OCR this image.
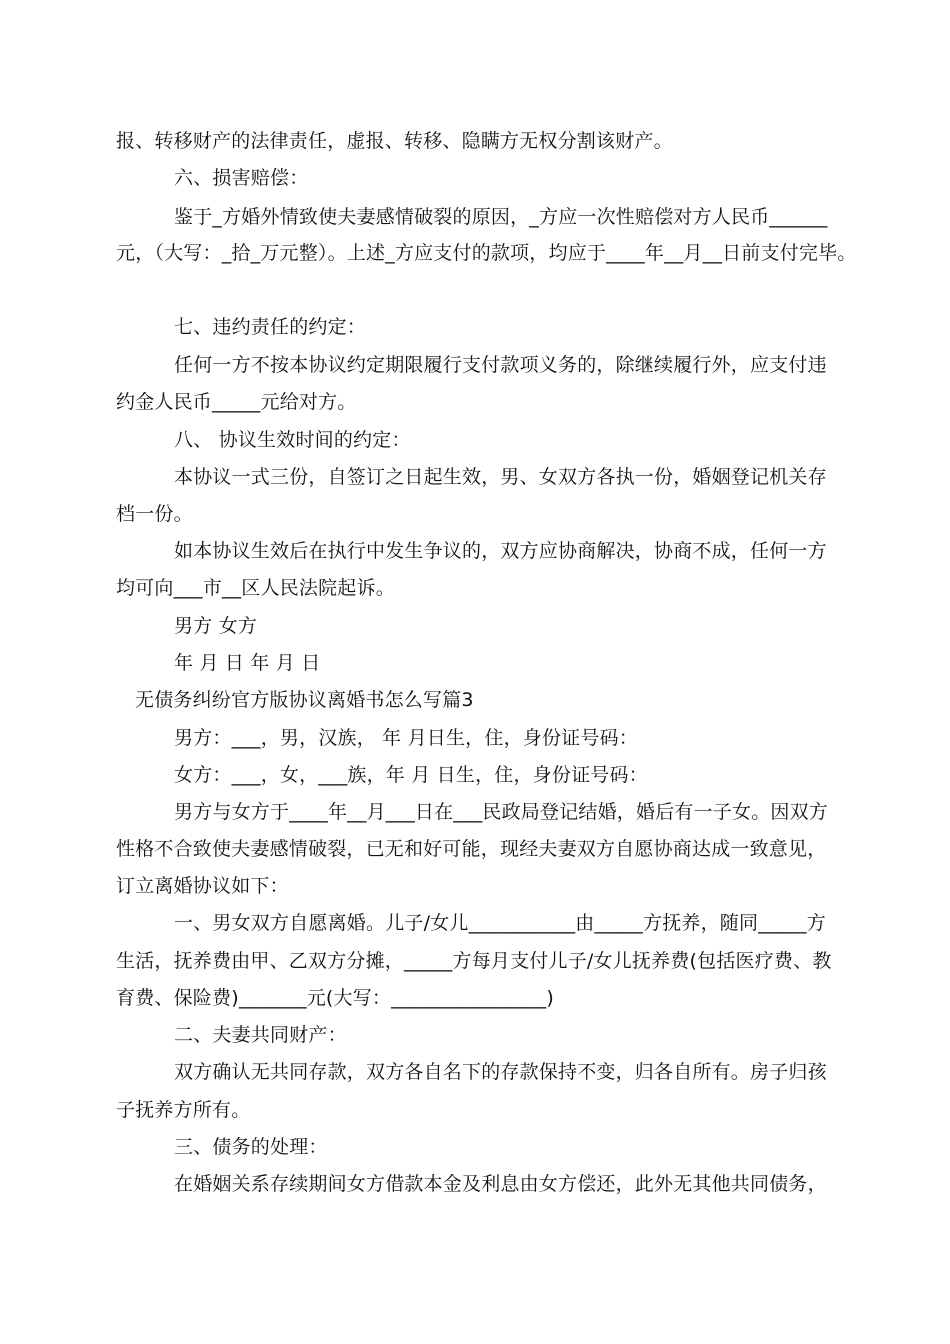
报、转移财产的法律责任，虚报、转移、隐瞒方无权分割该财产。
六、损害赔偿：
鉴于_方婚外情致使夫妻感情破裂的原因，_方应一次性赔偿对方人民币______
元，（大写：_拾_万元整）。上述_方应支付的款项，均应于____年__月__日前支付完毕。
七、违约责任的约定：
任何一方不按本协议约定期限履行支付款项义务的，除继续履行外，应支付违
约金人民币_____元给对方。
八、 协议生效时间的约定：
本协议一式三份，自签订之日起生效，男、女双方各执一份，婚姻登记机关存
档一份。
如本协议生效后在执行中发生争议的，双方应协商解决，协商不成，任何一方
均可向___市__区人民法院起诉。
男方 女方
年 月 日 年 月 日
无债务纠纷官方版协议离婚书怎么写篇3
男方：___，男，汉族， 年 月日生，住，身份证号码：
女方：___，女，___族，年 月 日生，住，身份证号码：
男方与女方于____年__月___日在___民政局登记结婚，婚后有一子女。因双方
性格不合致使夫妻感情破裂，已无和好可能，现经夫妻双方自愿协商达成一致意见，
订立离婚协议如下：
一、男女双方自愿离婚。儿子/女儿___________由_____方抚养，随同_____方
生活，抚养费由甲、乙双方分摊，_____方每月支付儿子/女儿抚养费(包括医疗费、教
育费、保险费)_______元(大写：________________)
二、夫妻共同财产：
双方确认无共同存款，双方各自名下的存款保持不变，归各自所有。房子归孩
子抚养方所有。
三、债务的处理：
在婚姻关系存续期间女方借款本金及利息由女方偿还，此外无其他共同债务，
